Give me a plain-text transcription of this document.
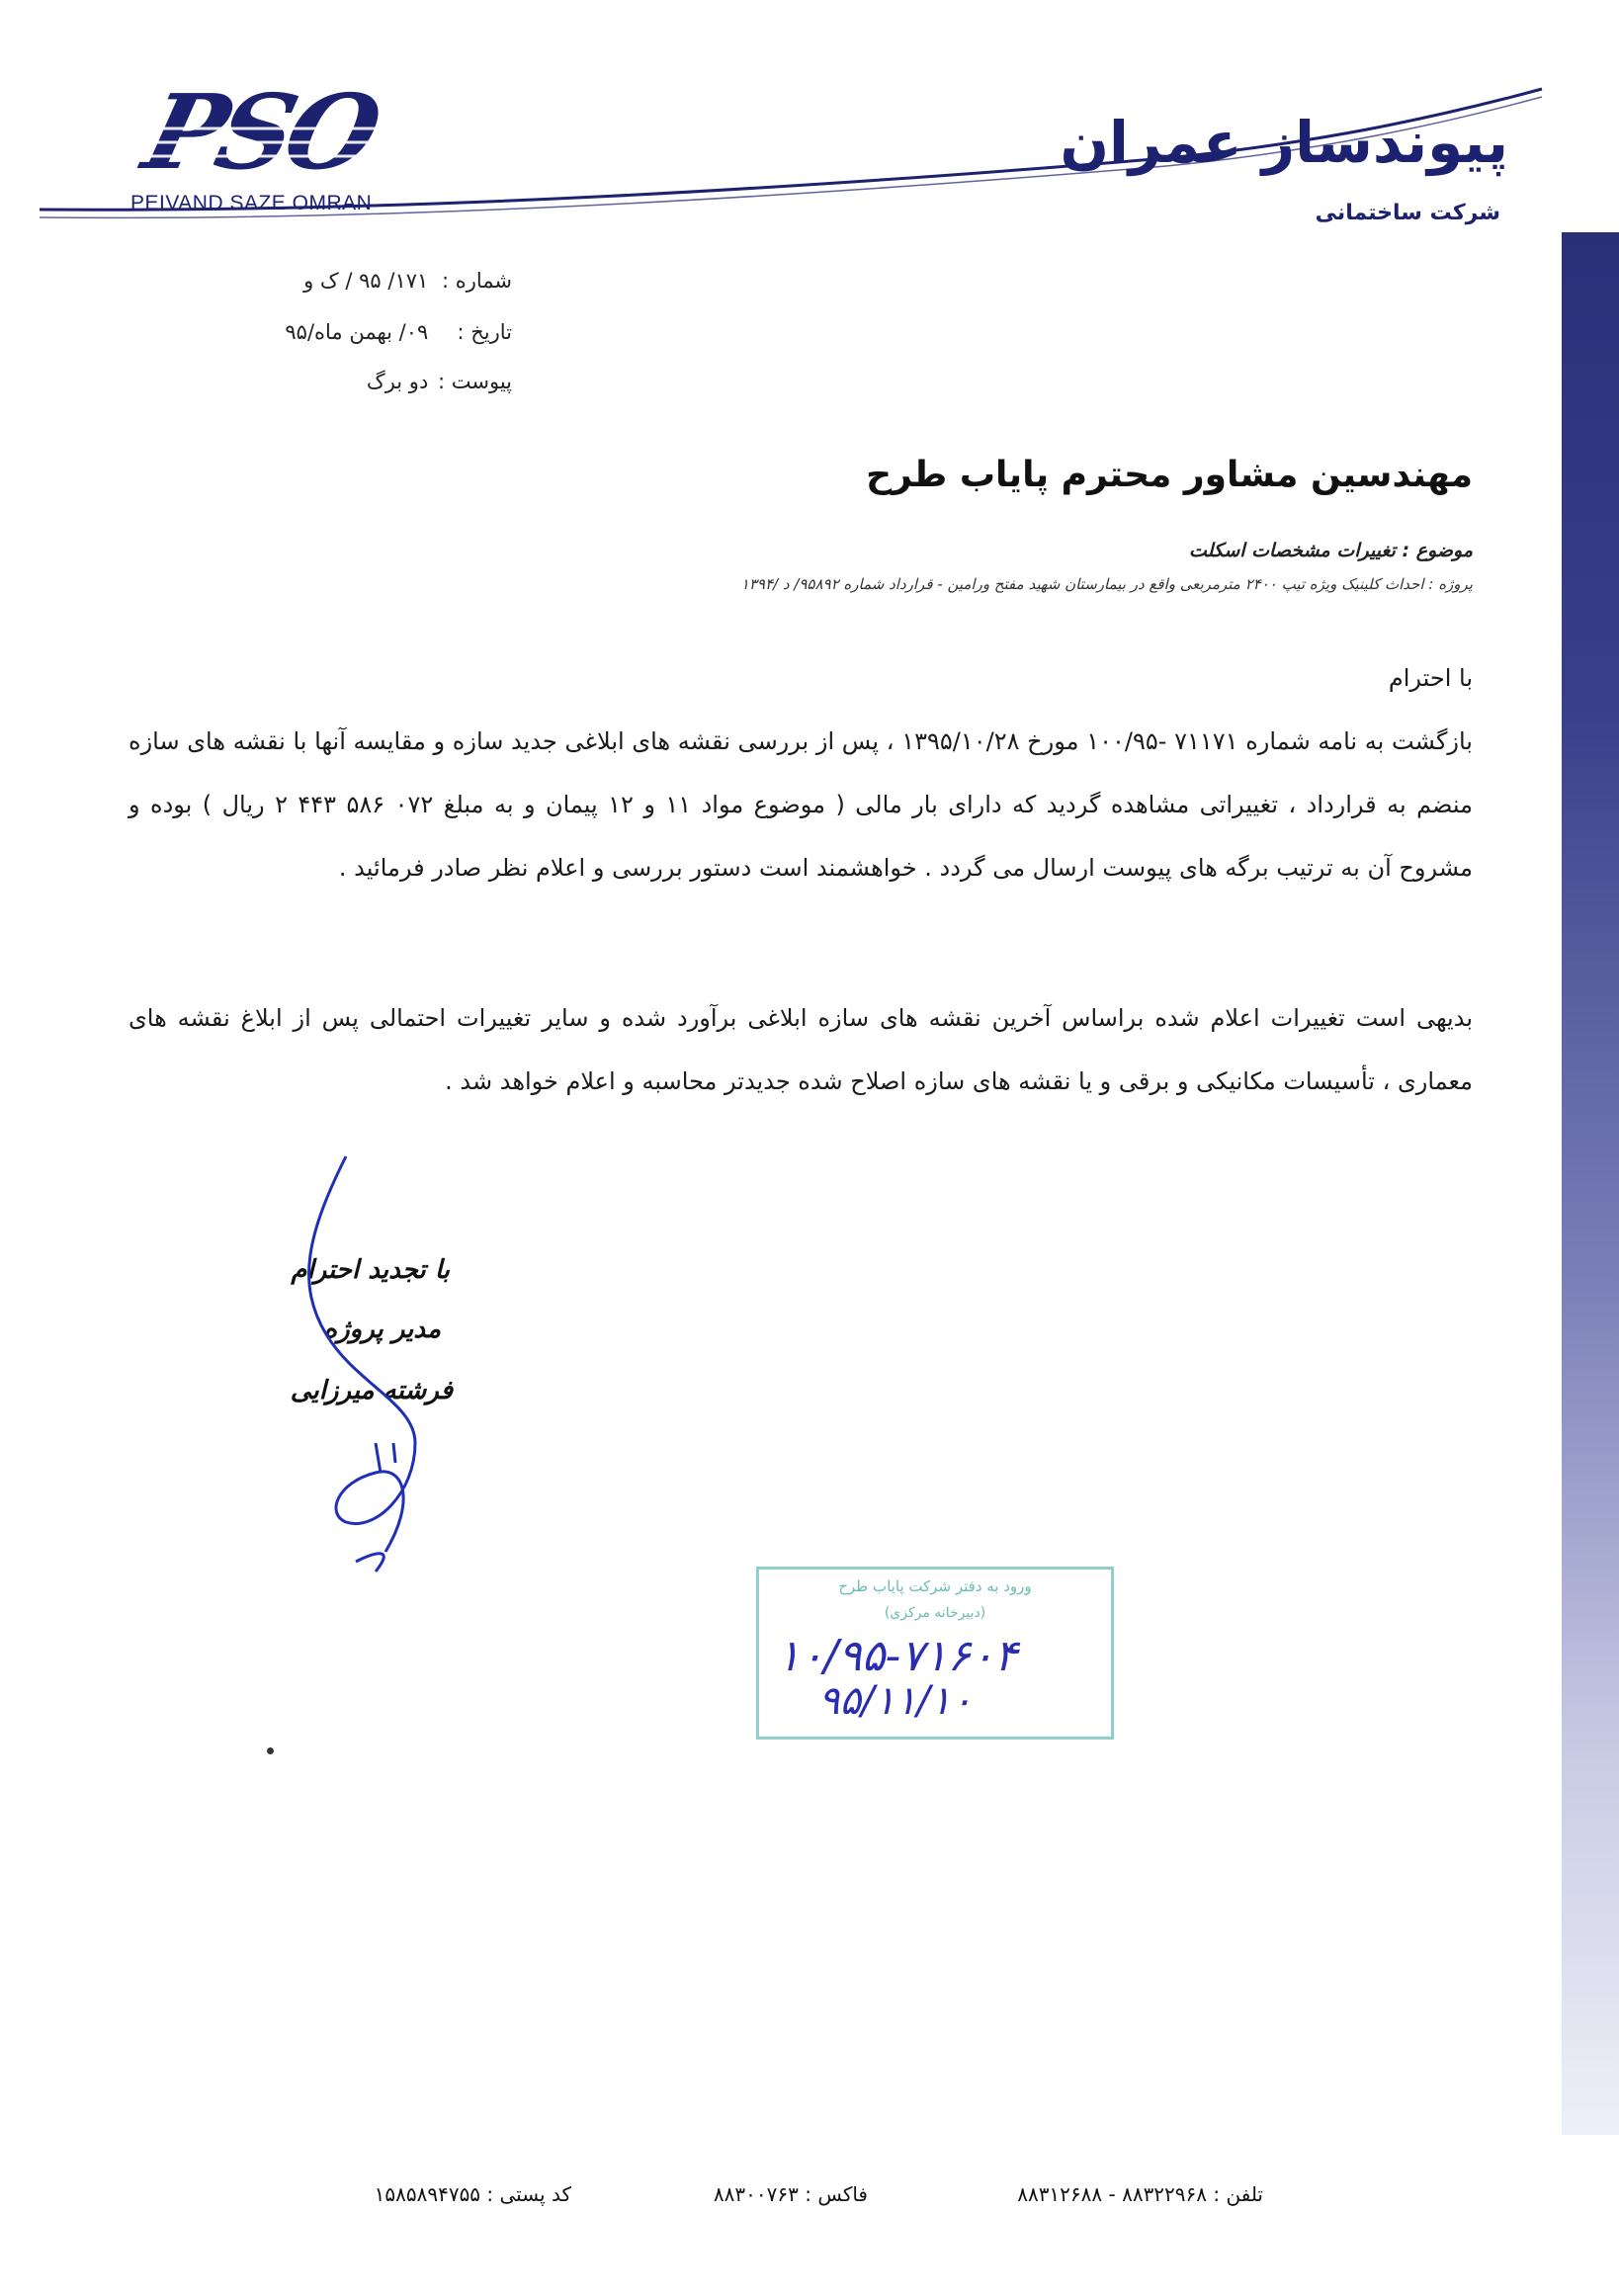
PSO
PEIVAND SAZE OMRAN
پیوندساز عمران
شرکت ساختمانی
شماره : ۱۷۱/ ۹۵ / ک و
تاریخ : ۰۹/ بهمن ماه/۹۵
پیوست : دو برگ
مهندسین مشاور محترم پایاب طرح
موضوع : تغییرات مشخصات اسکلت
پروژه : احداث کلینیک ویژه تیپ ۲۴۰۰ مترمربعی واقع در بیمارستان شهید مفتح ورامین - قرارداد شماره ۹۵۸۹۲/ د /۱۳۹۴
با احترام
بازگشت به نامه شماره ۷۱۱۷۱ -۱۰۰/۹۵ مورخ ۱۳۹۵/۱۰/۲۸ ، پس از بررسی نقشه های ابلاغی جدید سازه و مقایسه آنها با نقشه های سازه منضم به قرارداد ، تغییراتی مشاهده گردید که دارای بار مالی ( موضوع مواد ۱۱ و ۱۲ پیمان و به مبلغ ۰۷۲ ۵۸۶ ۴۴۳ ۲ ریال ) بوده و مشروح آن به ترتیب برگه های پیوست ارسال می گردد . خواهشمند است دستور بررسی و اعلام نظر صادر فرمائید .
بدیهی است تغییرات اعلام شده براساس آخرین نقشه های سازه ابلاغی برآورد شده و سایر تغییرات احتمالی پس از ابلاغ نقشه های معماری ، تأسیسات مکانیکی و برقی و یا نقشه های سازه اصلاح شده جدیدتر محاسبه و اعلام خواهد شد .
با تجدید احترام
مدیر پروژه
فرشته میرزایی
ورود به دفتر شرکت پایاب طرح
(دبیرخانه مرکزی)
۱۰/۹۵-۷۱۶۰۴
۹۵/۱۱/۱۰
تلفن : ۸۸۳۲۲۹۶۸ - ۸۸۳۱۲۶۸۸
فاکس : ۸۸۳۰۰۷۶۳
کد پستی : ۱۵۸۵۸۹۴۷۵۵
